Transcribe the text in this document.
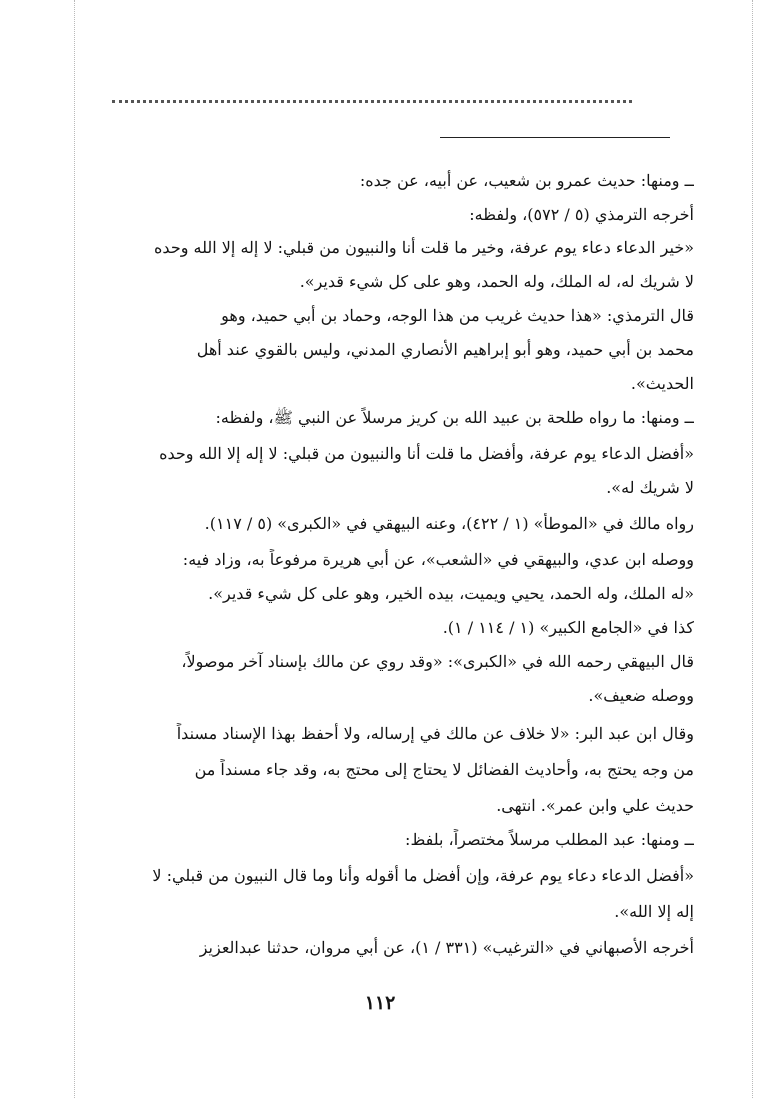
ــ ومنها: حديث عمرو بن شعيب، عن أبيه، عن جده:
أخرجه الترمذي (٥ / ٥٧٢)، ولفظه:
«خير الدعاء دعاء يوم عرفة، وخير ما قلت أنا والنبيون من قبلي: لا إله إلا الله وحده
لا شريك له، له الملك، وله الحمد، وهو على كل شيء قدير».
قال الترمذي: «هذا حديث غريب من هذا الوجه، وحماد بن أبي حميد، وهو
محمد بن أبي حميد، وهو أبو إبراهيم الأنصاري المدني، وليس بالقوي عند أهل
الحديث».
ــ ومنها: ما رواه طلحة بن عبيد الله بن كريز مرسلاً عن النبي ﷺ، ولفظه:
«أفضل الدعاء يوم عرفة، وأفضل ما قلت أنا والنبيون من قبلي: لا إله إلا الله وحده
لا شريك له».
رواه مالك في «الموطأ» (١ / ٤٢٢)، وعنه البيهقي في «الكبرى» (٥ / ١١٧).
ووصله ابن عدي، والبيهقي في «الشعب»، عن أبي هريرة مرفوعاً به، وزاد فيه:
«له الملك، وله الحمد، يحيي ويميت، بيده الخير، وهو على كل شيء قدير».
كذا في «الجامع الكبير» (١ / ١١٤ / ١).
قال البيهقي رحمه الله في «الكبرى»: «وقد روي عن مالك بإسناد آخر موصولاً،
ووصله ضعيف».
وقال ابن عبد البر: «لا خلاف عن مالك في إرساله، ولا أحفظ بهذا الإسناد مسنداً
من وجه يحتج به، وأحاديث الفضائل لا يحتاج إلى محتج به، وقد جاء مسنداً من
حديث علي وابن عمر». انتهى.
ــ ومنها: عبد المطلب مرسلاً مختصراً، بلفظ:
«أفضل الدعاء دعاء يوم عرفة، وإن أفضل ما أقوله وأنا وما قال النبيون من قبلي: لا
إله إلا الله».
أخرجه الأصبهاني في «الترغيب» (٣٣١ / ١)، عن أبي مروان، حدثنا عبدالعزيز
١١٢
